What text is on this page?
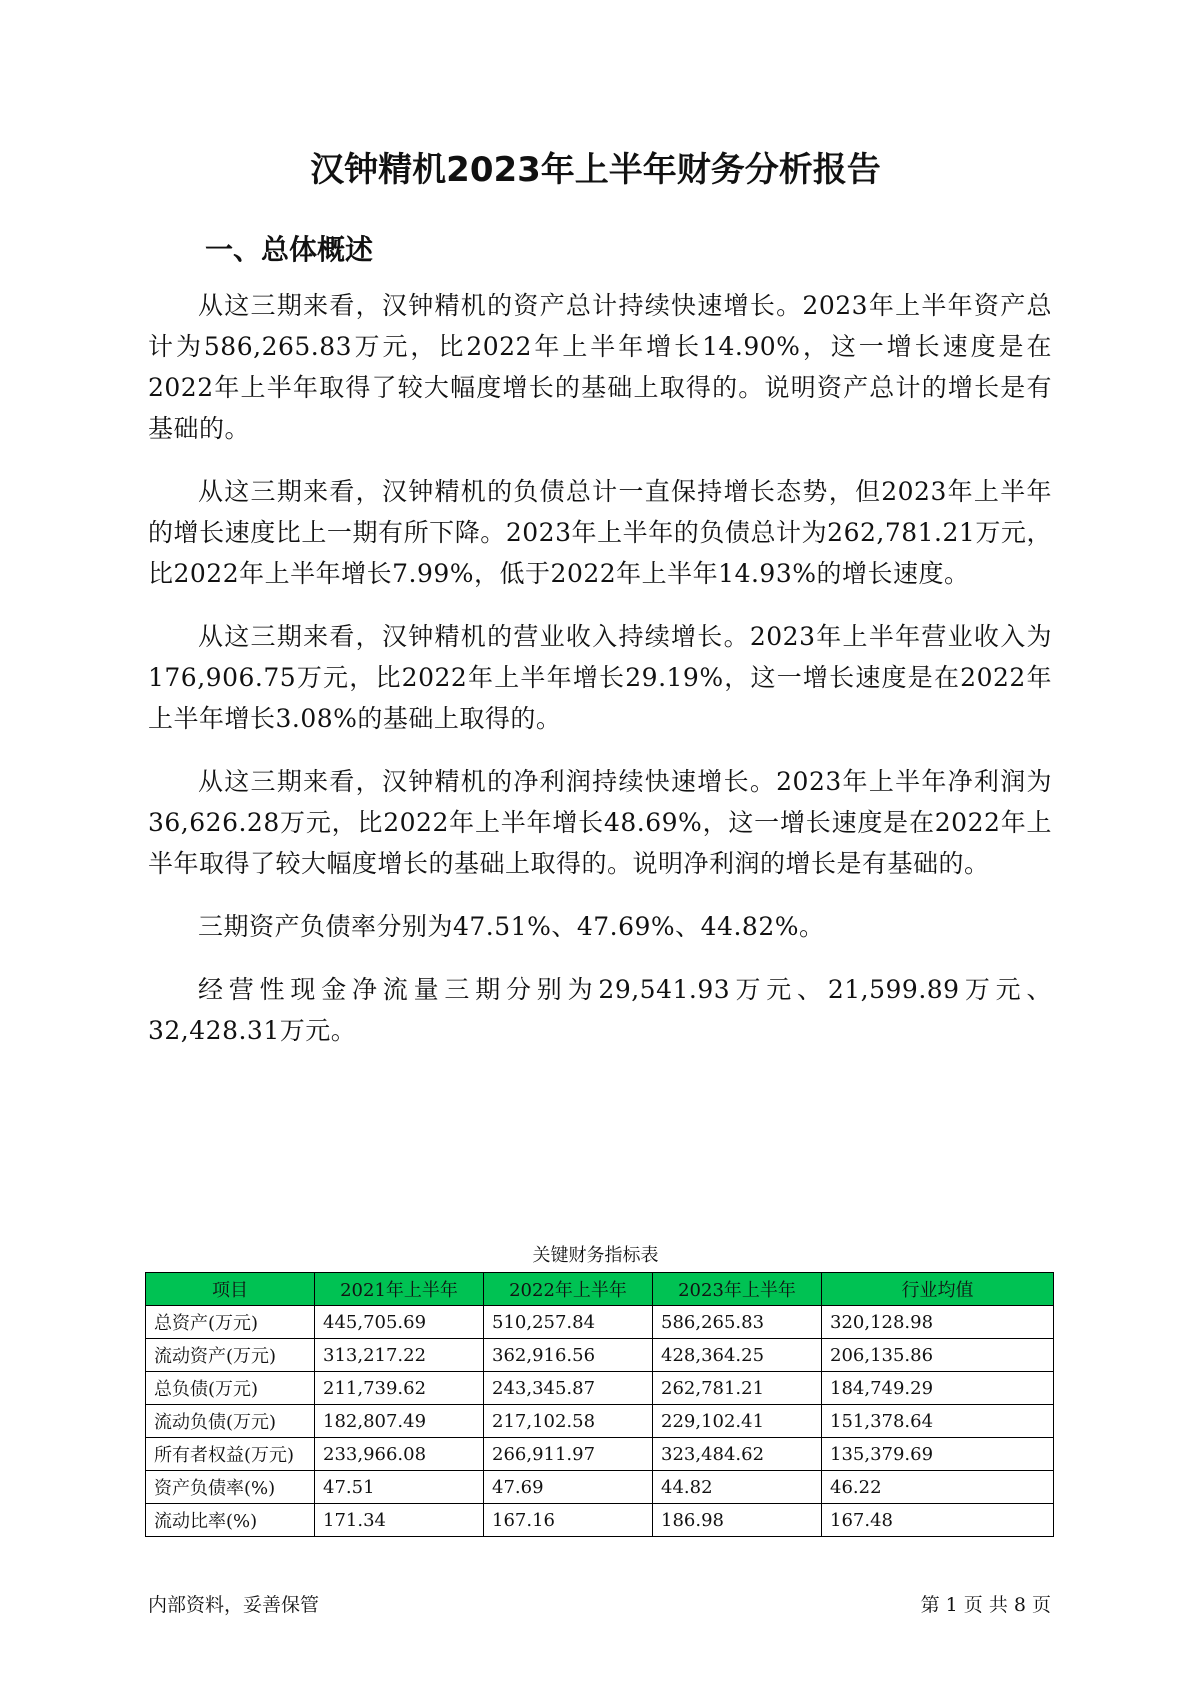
汉钟精机2023年上半年财务分析报告
一、总体概述

从这三期来看，汉钟精机的资产总计持续快速增长。2023年上半年资产总计为586,265.83万元，比2022年上半年增长14.90%，这一增长速度是在2022年上半年取得了较大幅度增长的基础上取得的。说明资产总计的增长是有基础的。

从这三期来看，汉钟精机的负债总计一直保持增长态势，但2023年上半年的增长速度比上一期有所下降。2023年上半年的负债总计为262,781.21万元，比2022年上半年增长7.99%，低于2022年上半年14.93%的增长速度。

从这三期来看，汉钟精机的营业收入持续增长。2023年上半年营业收入为176,906.75万元，比2022年上半年增长29.19%，这一增长速度是在2022年上半年增长3.08%的基础上取得的。

从这三期来看，汉钟精机的净利润持续快速增长。2023年上半年净利润为36,626.28万元，比2022年上半年增长48.69%，这一增长速度是在2022年上半年取得了较大幅度增长的基础上取得的。说明净利润的增长是有基础的。

三期资产负债率分别为47.51%、47.69%、44.82%。

经营性现金净流量三期分别为29,541.93万元、21,599.89万元、32,428.31万元。

关键财务指标表

项目	2021年上半年	2022年上半年	2023年上半年	行业均值
总资产(万元)	445,705.69	510,257.84	586,265.83	320,128.98
流动资产(万元)	313,217.22	362,916.56	428,364.25	206,135.86
总负债(万元)	211,739.62	243,345.87	262,781.21	184,749.29
流动负债(万元)	182,807.49	217,102.58	229,102.41	151,378.64
所有者权益(万元)	233,966.08	266,911.97	323,484.62	135,379.69
资产负债率(%)	47.51	47.69	44.82	46.22
流动比率(%)	171.34	167.16	186.98	167.48
内部资料，妥善保管	第 1 页 共 8 页
